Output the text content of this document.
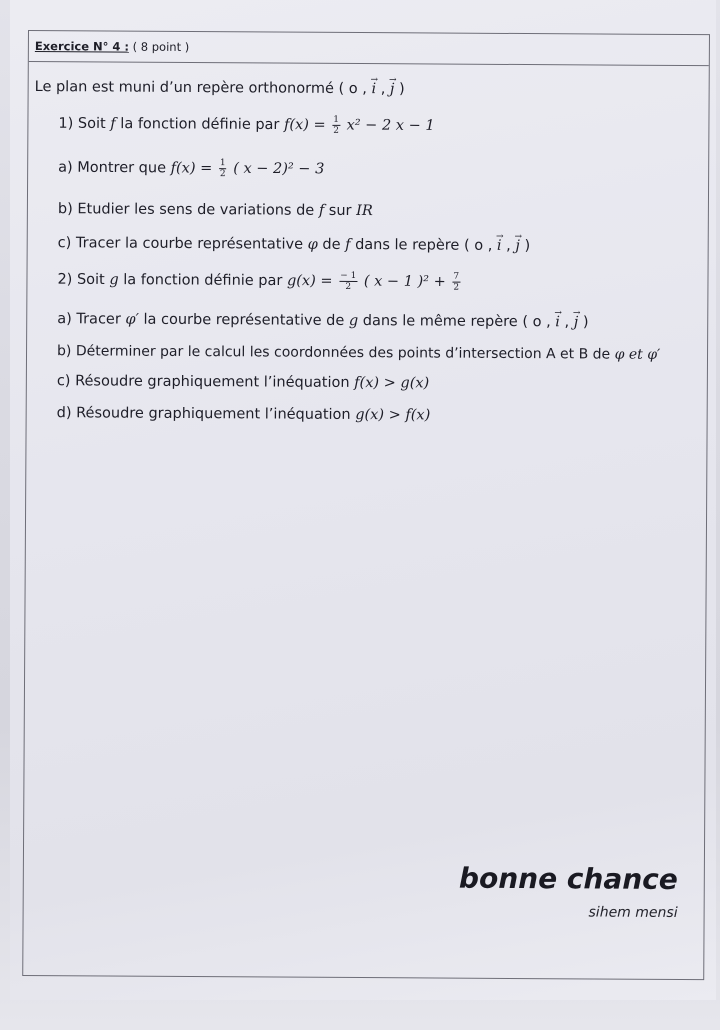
Exercice N° 4 : ( 8 point )
Le plan est muni d’un repère orthonormé ( o , → i , → j )
1) Soit f la fonction définie par $f(x) = \frac{1}{2} x^2 - 2$ x − 1
a) Montrer que $f(x) = \frac{1}{2}$ ( x − 2)² − 3
b) Etudier les sens de variations de f sur IR
c) Tracer la courbe représentative φ de f dans le repère ( o , → i , → j )
2) Soit g la fonction définie par $g(x) = \frac{- 1}{2}$ ( x − 1 )$^2 + \frac{7}{2}$
a) Tracer φ′ la courbe représentative de g dans le même repère ( o , → i , → j )
b) Déterminer par le calcul les coordonnées des points d’intersection A et B de φ et φ′
c) Résoudre graphiquement l’inéquation f(x) > g(x)
d) Résoudre graphiquement l’inéquation g(x) > f(x)
bonne chance
sihem mensi
